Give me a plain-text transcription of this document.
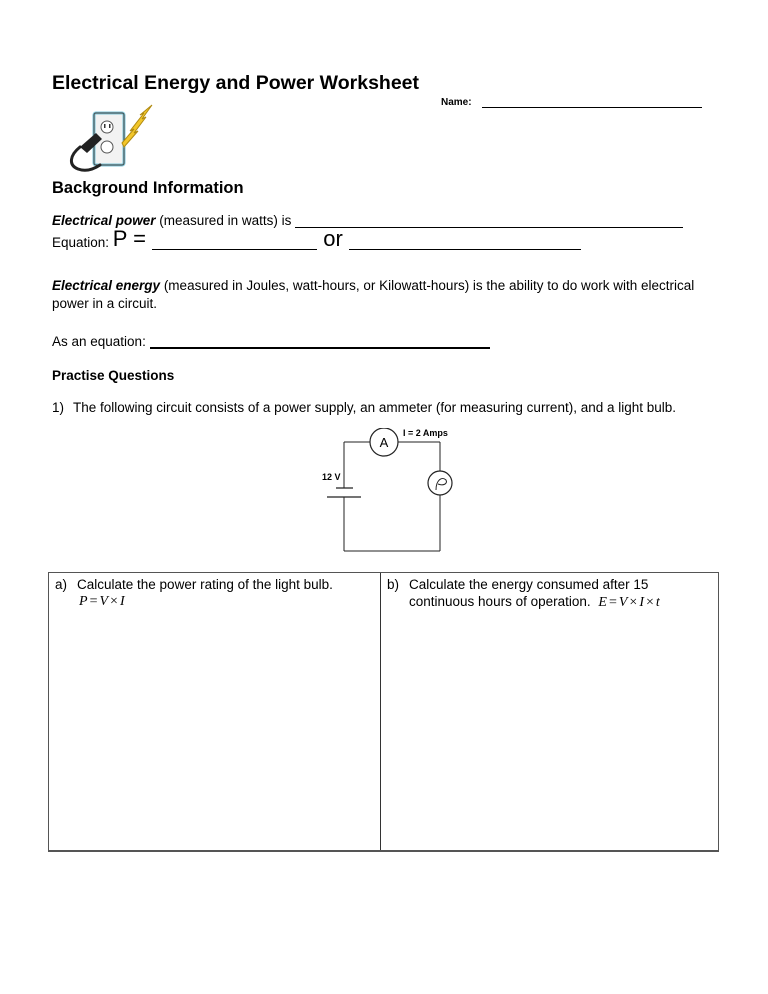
Electrical Energy and Power Worksheet
Name:
Background Information
Electrical power (measured in watts) is
Equation: P =	or
Electrical energy (measured in Joules, watt-hours, or Kilowatt-hours) is the ability to do work with electrical power in a circuit.
As an equation:
Practise Questions
1) The following circuit consists of a power supply, an ammeter (for measuring current), and a light bulb.
A
I = 2 Amps
12 V
a) Calculate the power rating of the light bulb.
P = V × I
b) Calculate the energy consumed after 15 continuous hours of operation. E = V × I × t
